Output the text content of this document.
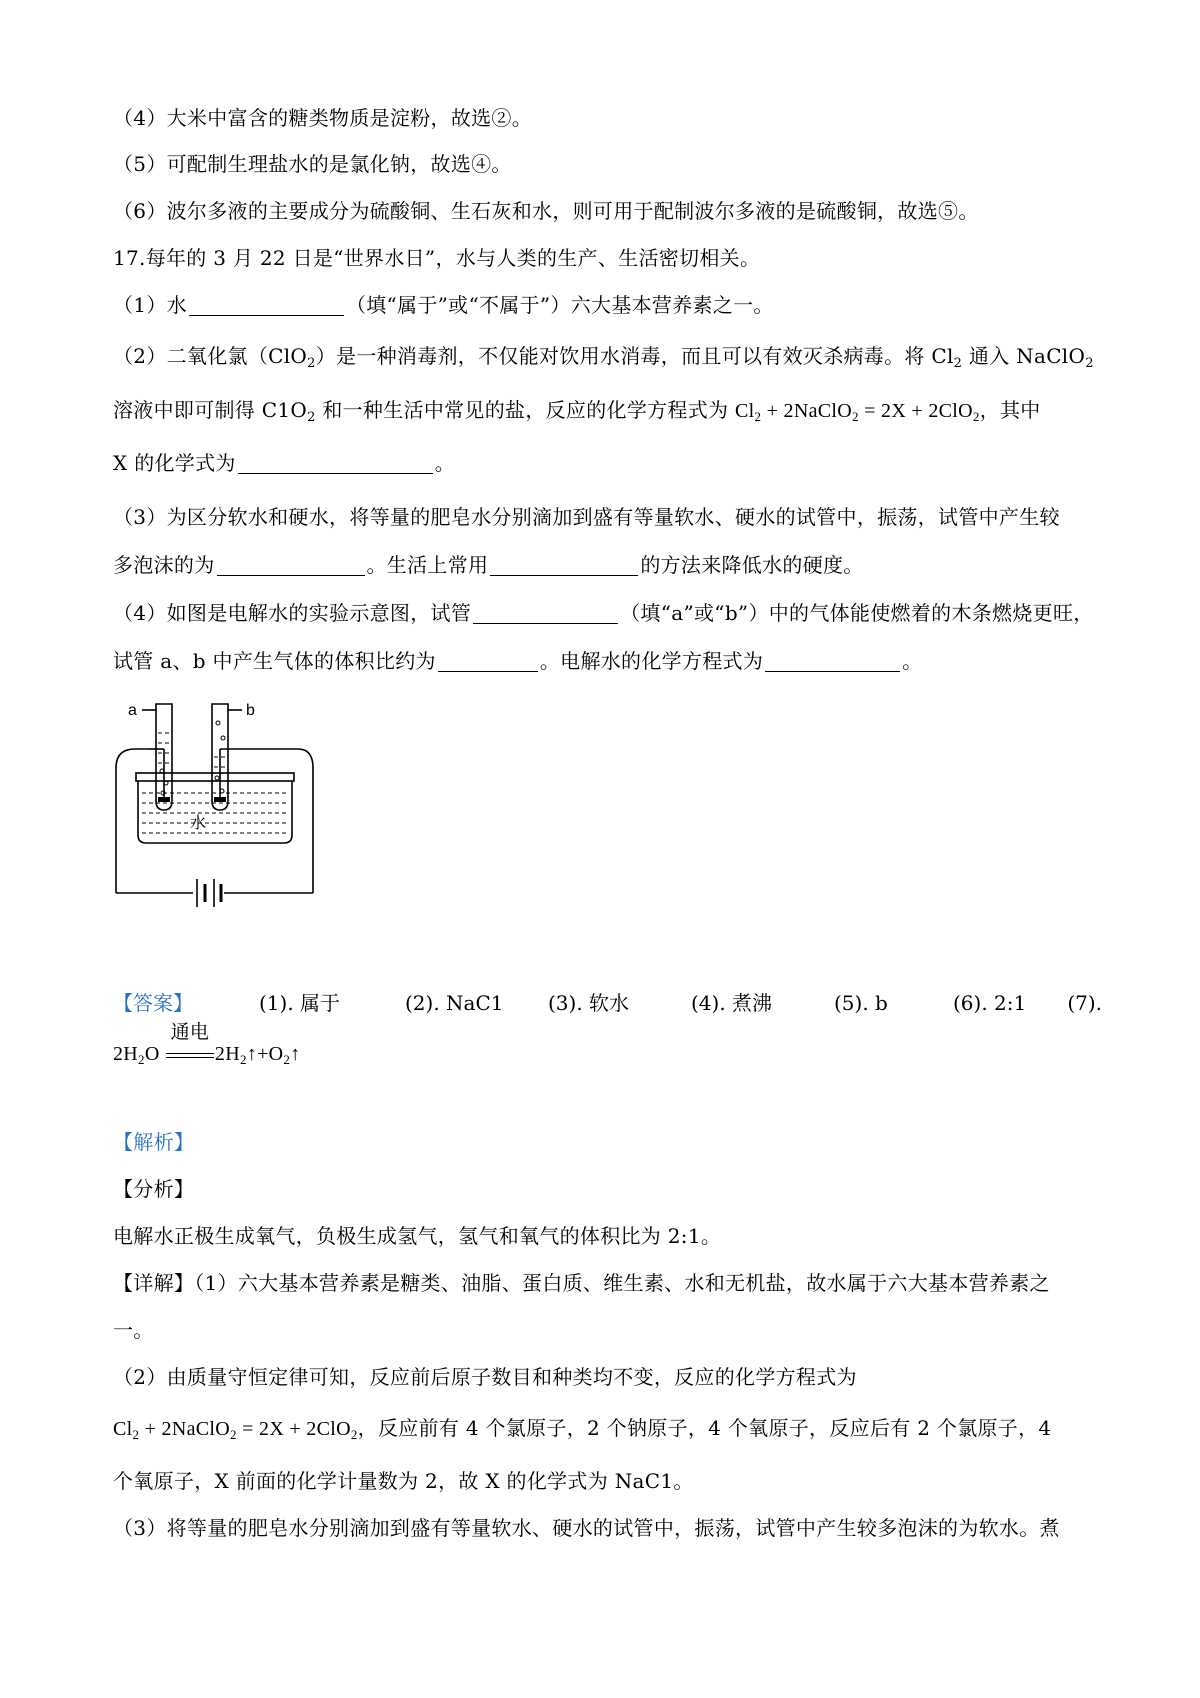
（4）大米中富含的糖类物质是淀粉，故选②。
（5）可配制生理盐水的是氯化钠，故选④。
（6）波尔多液的主要成分为硫酸铜、生石灰和水，则可用于配制波尔多液的是硫酸铜，故选⑤。
17.每年的 3 月 22 日是“世界水日”，水与人类的生产、生活密切相关。
（1）水	（填“属于”或“不属于”）六大基本营养素之一。
（2）二氧化氯（ClO$_2$）是一种消毒剂，不仅能对饮用水消毒，而且可以有效灭杀病毒。将 $Cl_2$ 通入 NaClO$_2$
溶液中即可制得 $C1O_2$ 和一种生活中常见的盐，反应的化学方程式为 $Cl_2$ + 2NaClO$_2$ = 2X + 2ClO$_2$，其中
X 的化学式为	。
（3）为区分软水和硬水，将等量的肥皂水分别滴加到盛有等量软水、硬水的试管中，振荡，试管中产生较
多泡沫的为	。生活上常用	的方法来降低水的硬度。
（4）如图是电解水的实验示意图，试管	（填“a”或“b”）中的气体能使燃着的木条燃烧更旺，
试管 a、b 中产生气体的体积比约为	。电解水的化学方程式为	。
a	b
水
【答案】	(1). 属于	(2). NaC1 (3). 软水	(4). 煮沸	(5). b	(6). 2:1 (7).
$2H_2O$
通电
$2H_2↑+O_2↑$
【解析】
【分析】
电解水正极生成氧气，负极生成氢气，氢气和氧气的体积比为 2:1。
【详解】（1）六大基本营养素是糖类、油脂、蛋白质、维生素、水和无机盐，故水属于六大基本营养素之
一。
（2）由质量守恒定律可知，反应前后原子数目和种类均不变，反应的化学方程式为
$Cl_2$ + 2NaClO$_2$ = 2X + 2ClO$_2$，反应前有 4 个氯原子，2 个钠原子，4 个氧原子，反应后有 2 个氯原子，4
个氧原子，X 前面的化学计量数为 2，故 X 的化学式为 NaC1。
（3）将等量的肥皂水分别滴加到盛有等量软水、硬水的试管中，振荡，试管中产生较多泡沫的为软水。煮
